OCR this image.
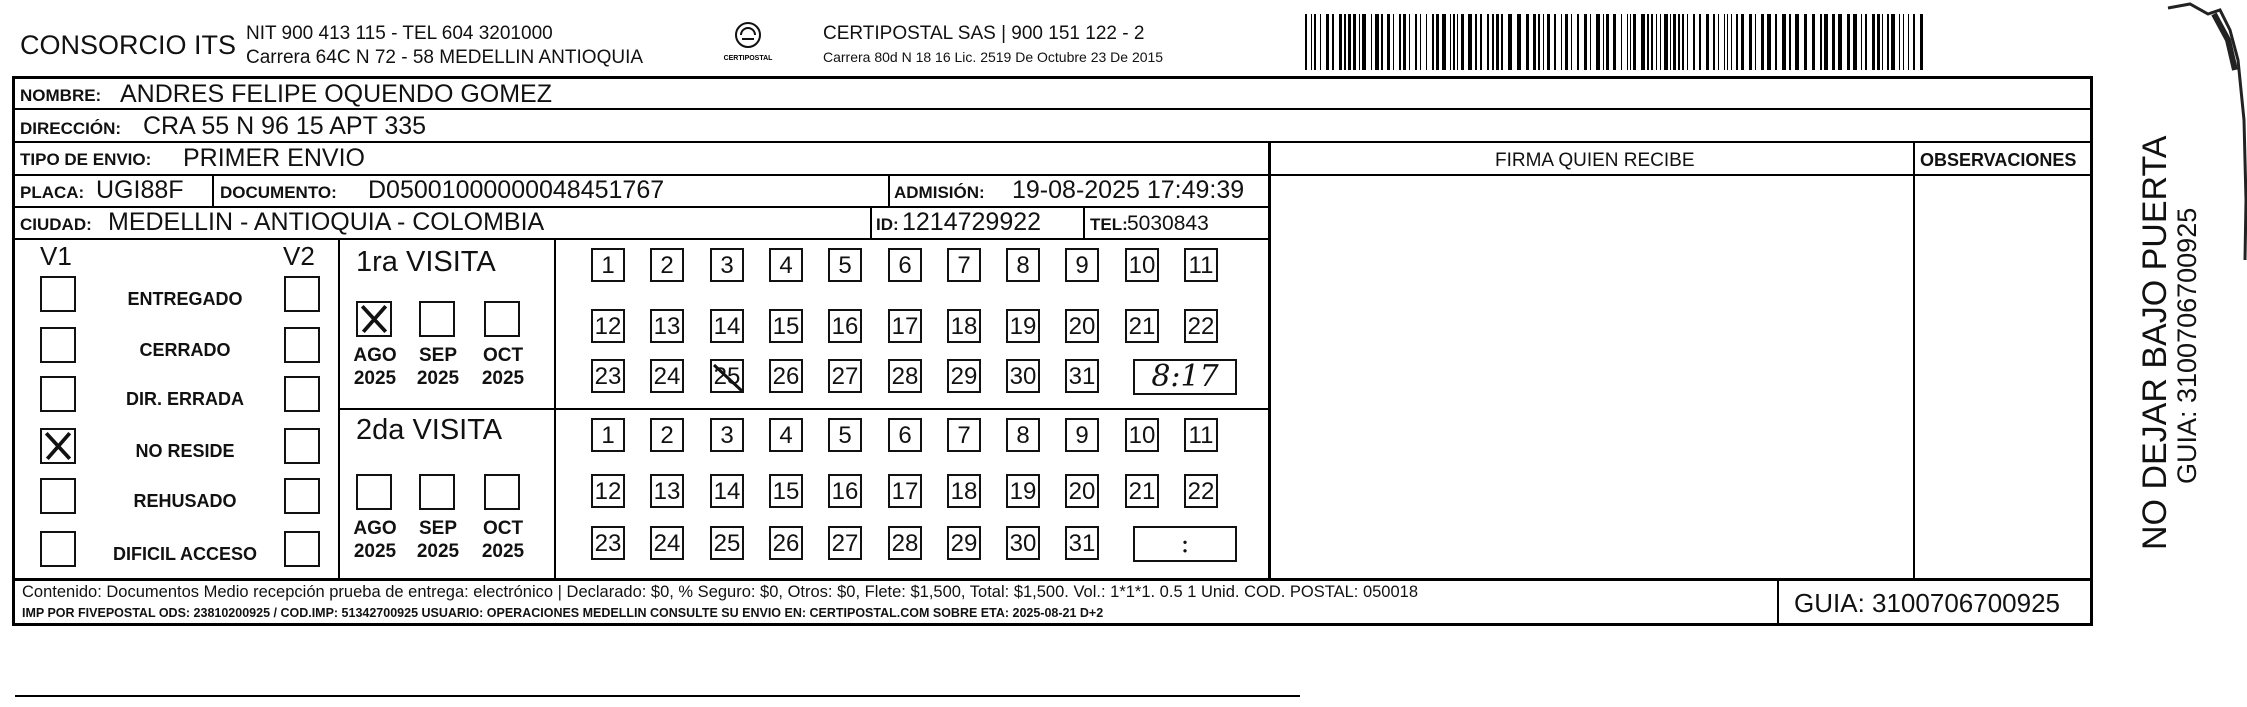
CONSORCIO ITS NIT 900 413 115 - TEL 604 3201000
Carrera 64C N 72 - 58 MEDELLIN ANTIOQUIA	CERTIPOSTAL
CERTIPOSTAL SAS | 900 151 122 - 2
Carrera 80d N 18 16 Lic. 2519 De Octubre 23 De 2015
NOMBRE: ANDRES FELIPE OQUENDO GOMEZ
DIRECCIÓN: CRA 55 N 96 15 APT 335
TIPO DE ENVIO: PRIMER ENVIO	FIRMA QUIEN RECIBE	OBSERVACIONES
PLACA: UGI88F DOCUMENTO: D05001000000048451767	ADMISIÓN: 19-08-2025 17:49:39
CIUDAD: MEDELLIN - ANTIOQUIA - COLOMBIA	ID: 1214729922	TEL: 5030843
V1	V2
ENTREGADO
CERRADO
DIR. ERRADA
NO RESIDE
REHUSADO
DIFICIL ACCESO
1ra VISITA
AGO
2025
SEP
2025
OCT
2025
1	2	3	4	5	6	7	8	9	10 11
12 13 14 15 16 17 18 19 20 21 22
23 24 25 26 27 28 29 30 31	8:17
2da VISITA
AGO
2025
SEP
2025
OCT
2025
1	2	3	4	5	6	7	8	9	10 11
12 13 14 15 16 17 18 19 20 21 22
23 24 25 26 27 28 29 30 31	:
Contenido: Documentos Medio recepción prueba de entrega: electrónico | Declarado: $0, % Seguro: $0, Otros: $0, Flete: $1,500, Total: $1,500. Vol.: 1*1*1. 0.5 1 Unid. COD. POSTAL: 050018
IMP POR FIVEPOSTAL ODS: 23810200925 / COD.IMP: 51342700925 USUARIO: OPERACIONES MEDELLIN CONSULTE SU ENVIO EN: CERTIPOSTAL.COM SOBRE ETA: 2025-08-21 D+2	GUIA: 3100706700925
NO DEJAR BAJO PUERTA
GUIA: 3100706700925
